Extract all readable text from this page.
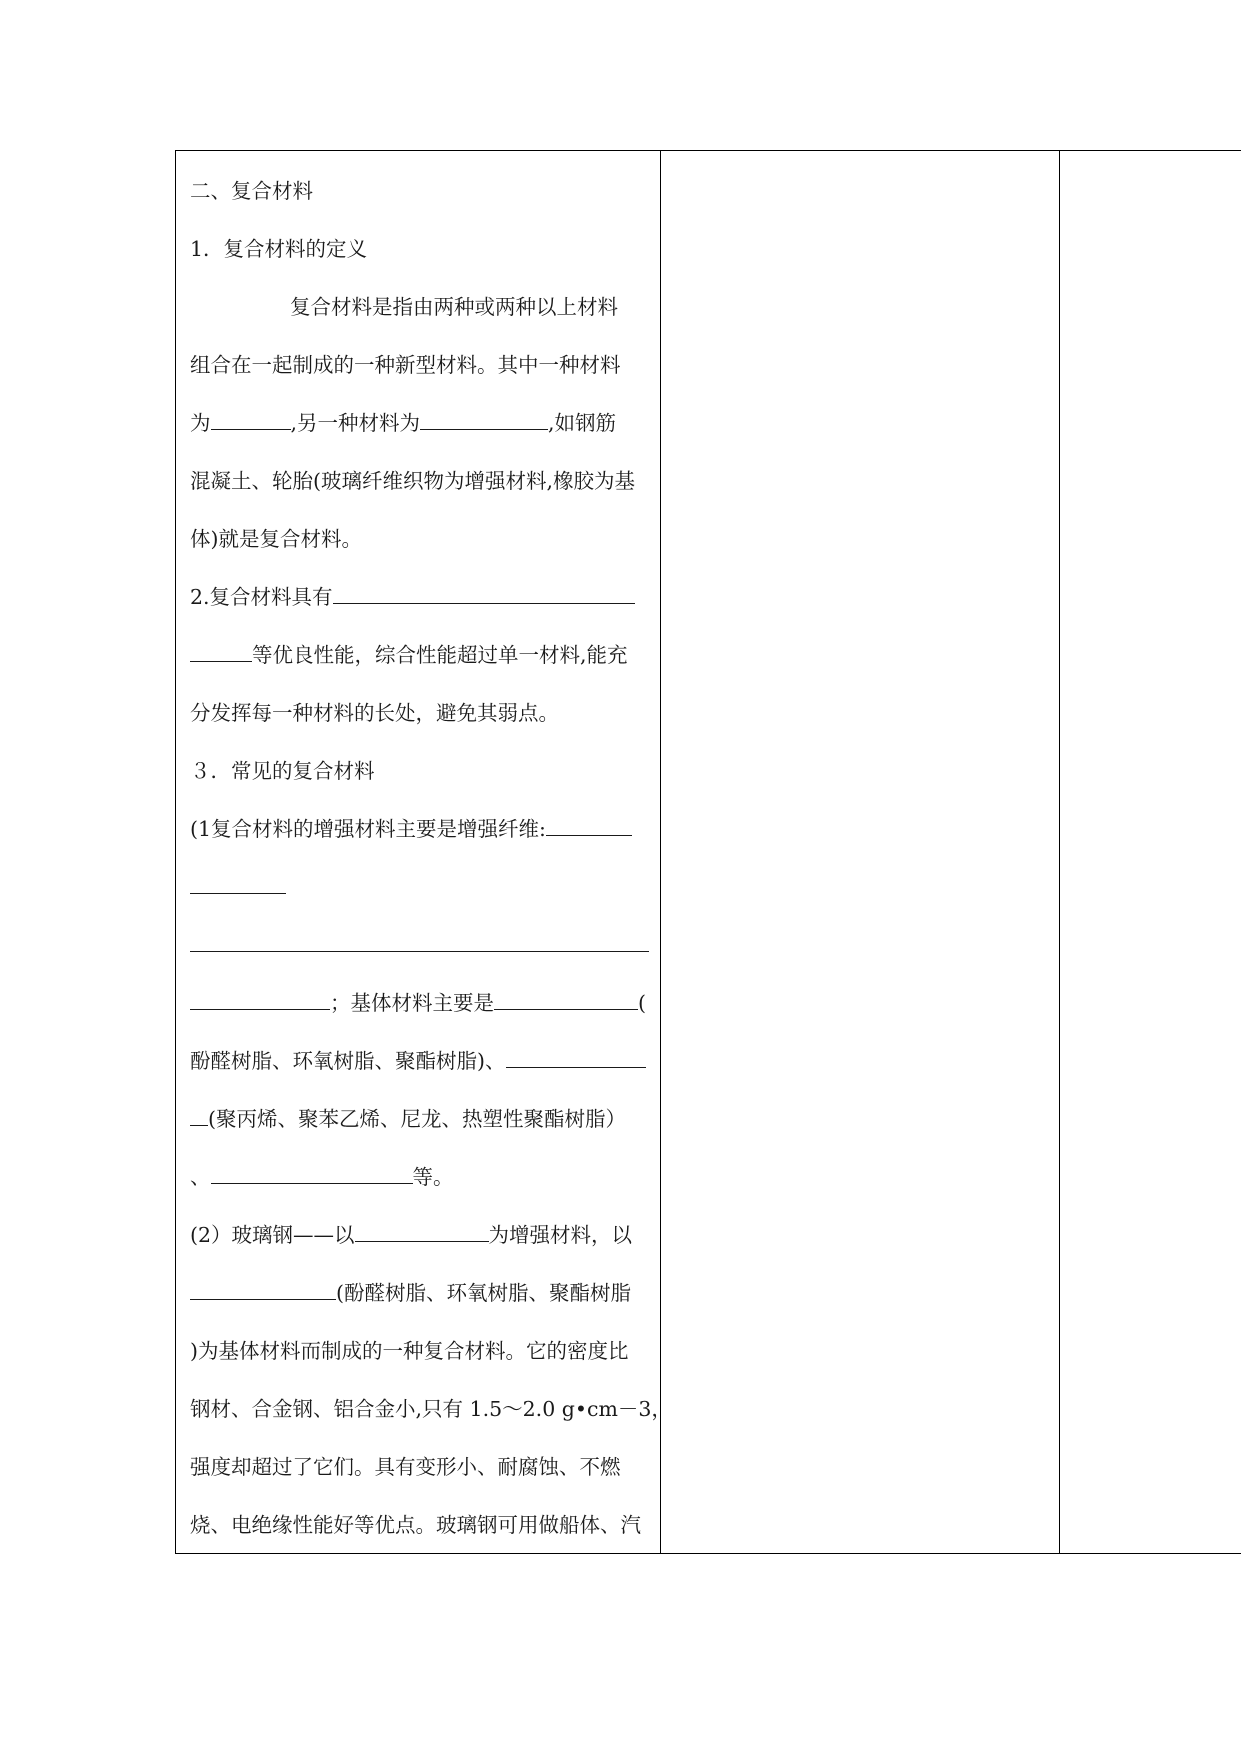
二、复合材料
1．复合材料的定义
复合材料是指由两种或两种以上材料
组合在一起制成的一种新型材料。其中一种材料
为	,另一种材料为	,如钢筋
混凝土、轮胎(玻璃纤维织物为增强材料,橡胶为基
体)就是复合材料。
2.复合材料具有
等优良性能，综合性能超过单一材料,能充
分发挥每一种材料的长处，避免其弱点。
３．常见的复合材料
(1复合材料的增强材料主要是增强纤维:
；基体材料主要是	(
酚醛树脂、环氧树脂、聚酯树脂)、
(聚丙烯、聚苯乙烯、尼龙、热塑性聚酯树脂）
、	等。
(2）玻璃钢——以	为增强材料，以
(酚醛树脂、环氧树脂、聚酯树脂
)为基体材料而制成的一种复合材料。它的密度比
钢材、合金钢、铝合金小,只有 1.5～2.0 g•cm－3，
强度却超过了它们。具有变形小、耐腐蚀、不燃
烧、电绝缘性能好等优点。玻璃钢可用做船体、汽
